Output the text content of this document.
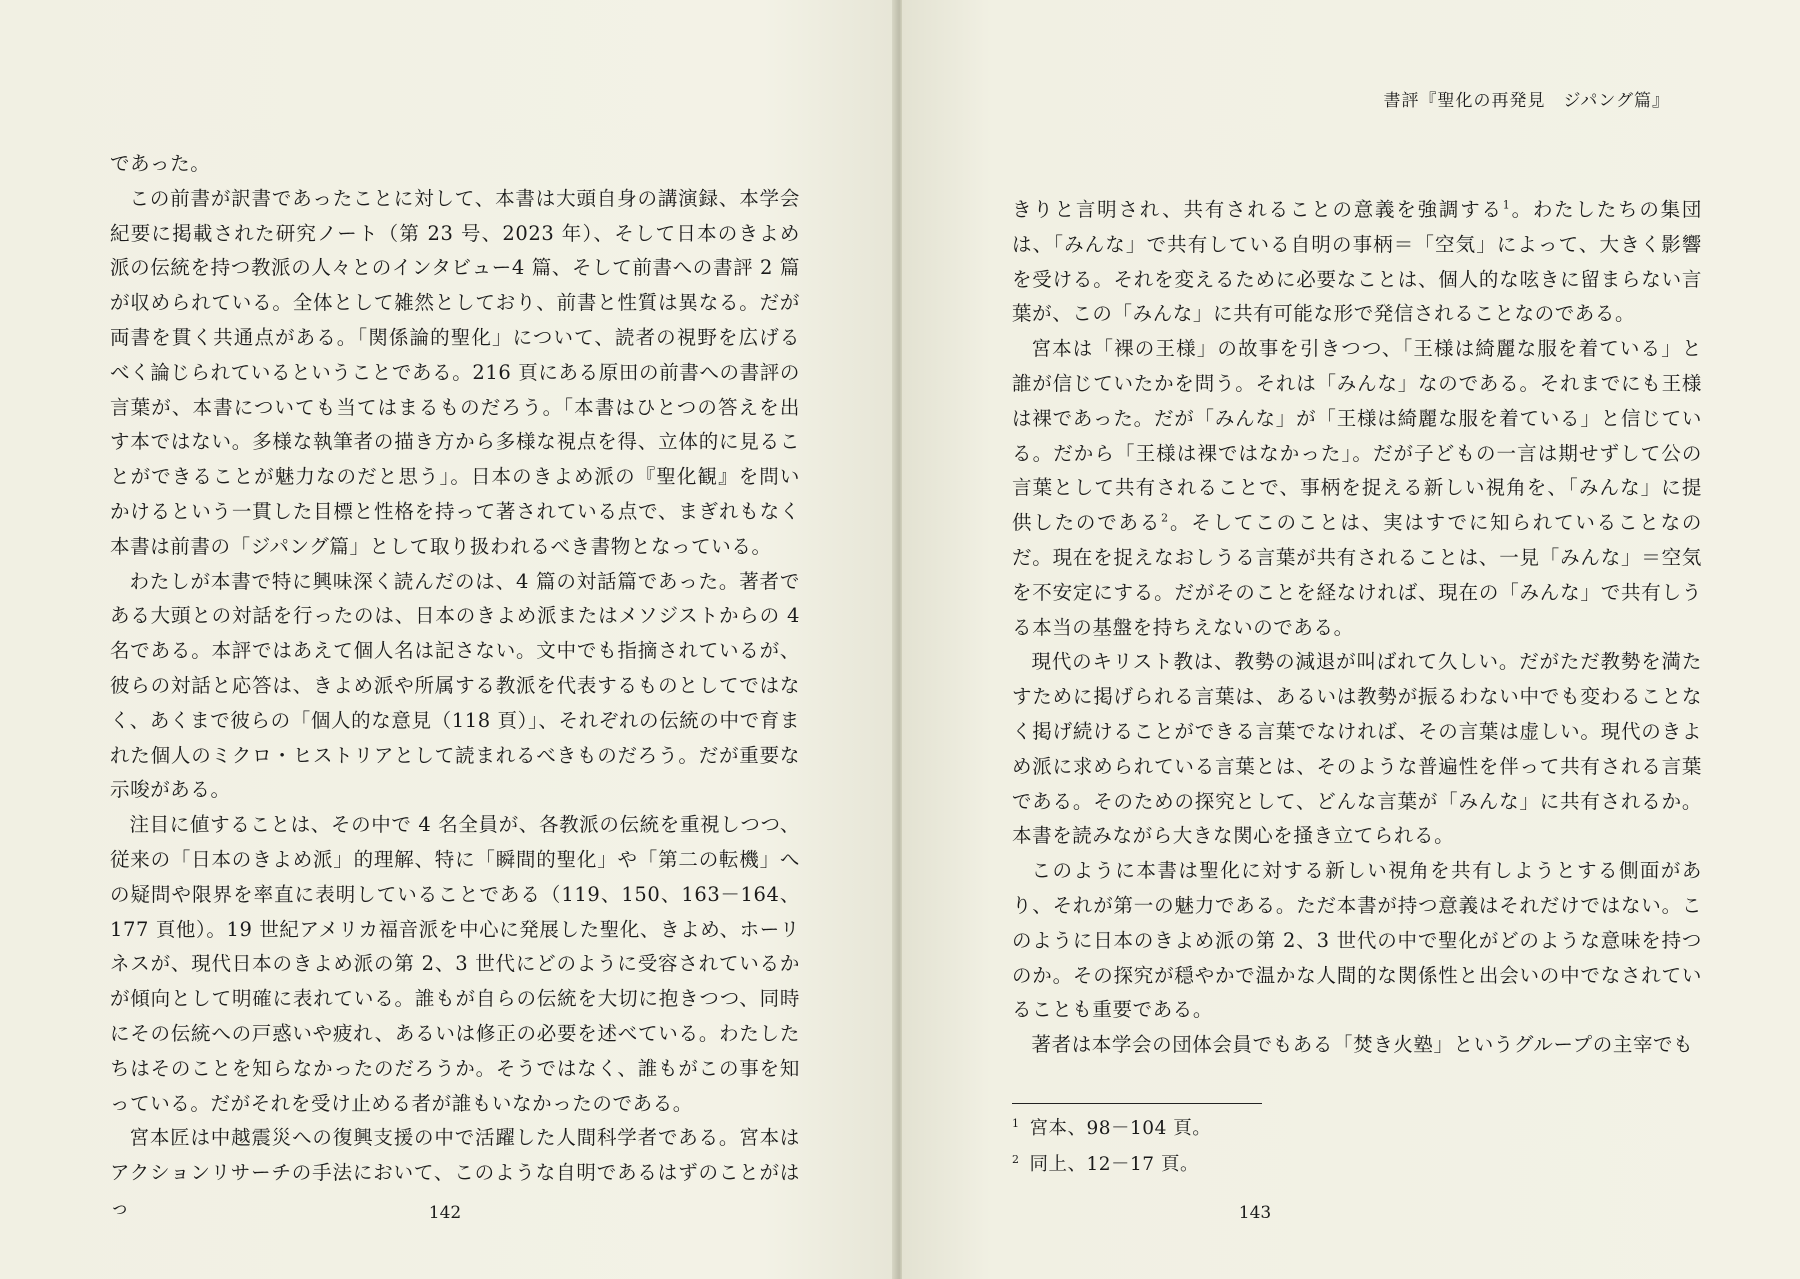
であった。

この前書が訳書であったことに対して、本書は大頭自身の講演録、本学会紀要に掲載された研究ノート（第 23 号、2023 年）、そして日本のきよめ派の伝統を持つ教派の人々とのインタビュー4 篇、そして前書への書評 2 篇が収められている。全体として雑然としており、前書と性質は異なる。だが両書を貫く共通点がある。「関係論的聖化」について、読者の視野を広げるべく論じられているということである。216 頁にある原田の前書への書評の言葉が、本書についても当てはまるものだろう。「本書はひとつの答えを出す本ではない。多様な執筆者の描き方から多様な視点を得、立体的に見ることができることが魅力なのだと思う」。日本のきよめ派の『聖化観』を問いかけるという一貫した目標と性格を持って著されている点で、まぎれもなく本書は前書の「ジパング篇」として取り扱われるべき書物となっている。

わたしが本書で特に興味深く読んだのは、4 篇の対話篇であった。著者である大頭との対話を行ったのは、日本のきよめ派またはメソジストからの 4 名である。本評ではあえて個人名は記さない。文中でも指摘されているが、彼らの対話と応答は、きよめ派や所属する教派を代表するものとしてではなく、あくまで彼らの「個人的な意見（118 頁）」、それぞれの伝統の中で育まれた個人のミクロ・ヒストリアとして読まれるべきものだろう。だが重要な示唆がある。

注目に値することは、その中で 4 名全員が、各教派の伝統を重視しつつ、従来の「日本のきよめ派」的理解、特に「瞬間的聖化」や「第二の転機」への疑問や限界を率直に表明していることである（119、150、163－164、177 頁他）。19 世紀アメリカ福音派を中心に発展した聖化、きよめ、ホーリネスが、現代日本のきよめ派の第 2、3 世代にどのように受容されているかが傾向として明確に表れている。誰もが自らの伝統を大切に抱きつつ、同時にその伝統への戸惑いや疲れ、あるいは修正の必要を述べている。わたしたちはそのことを知らなかったのだろうか。そうではなく、誰もがこの事を知っている。だがそれを受け止める者が誰もいなかったのである。

宮本匠は中越震災への復興支援の中で活躍した人間科学者である。宮本はアクションリサーチの手法において、このような自明であるはずのことがはっ	142
書評『聖化の再発見　ジパング篇』

きりと言明され、共有されることの意義を強調する$^1$。わたしたちの集団は、「みんな」で共有している自明の事柄＝「空気」によって、大きく影響を受ける。それを変えるために必要なことは、個人的な呟きに留まらない言葉が、この「みんな」に共有可能な形で発信されることなのである。

宮本は「裸の王様」の故事を引きつつ、「王様は綺麗な服を着ている」と誰が信じていたかを問う。それは「みんな」なのである。それまでにも王様は裸であった。だが「みんな」が「王様は綺麗な服を着ている」と信じている。だから「王様は裸ではなかった」。だが子どもの一言は期せずして公の言葉として共有されることで、事柄を捉える新しい視角を、「みんな」に提供したのである$^2$。そしてこのことは、実はすでに知られていることなのだ。現在を捉えなおしうる言葉が共有されることは、一見「みんな」＝空気を不安定にする。だがそのことを経なければ、現在の「みんな」で共有しうる本当の基盤を持ちえないのである。

現代のキリスト教は、教勢の減退が叫ばれて久しい。だがただ教勢を満たすために掲げられる言葉は、あるいは教勢が振るわない中でも変わることなく掲げ続けることができる言葉でなければ、その言葉は虚しい。現代のきよめ派に求められている言葉とは、そのような普遍性を伴って共有される言葉である。そのための探究として、どんな言葉が「みんな」に共有されるか。本書を読みながら大きな関心を掻き立てられる。

このように本書は聖化に対する新しい視角を共有しようとする側面があり、それが第一の魅力である。ただ本書が持つ意義はそれだけではない。このように日本のきよめ派の第 2、3 世代の中で聖化がどのような意味を持つのか。その探究が穏やかで温かな人間的な関係性と出会いの中でなされていることも重要である。

著者は本学会の団体会員でもある「焚き火塾」というグループの主宰でも

$^1$ 宮本、98－104 頁。

$^2$ 同上、12－17 頁。

143
